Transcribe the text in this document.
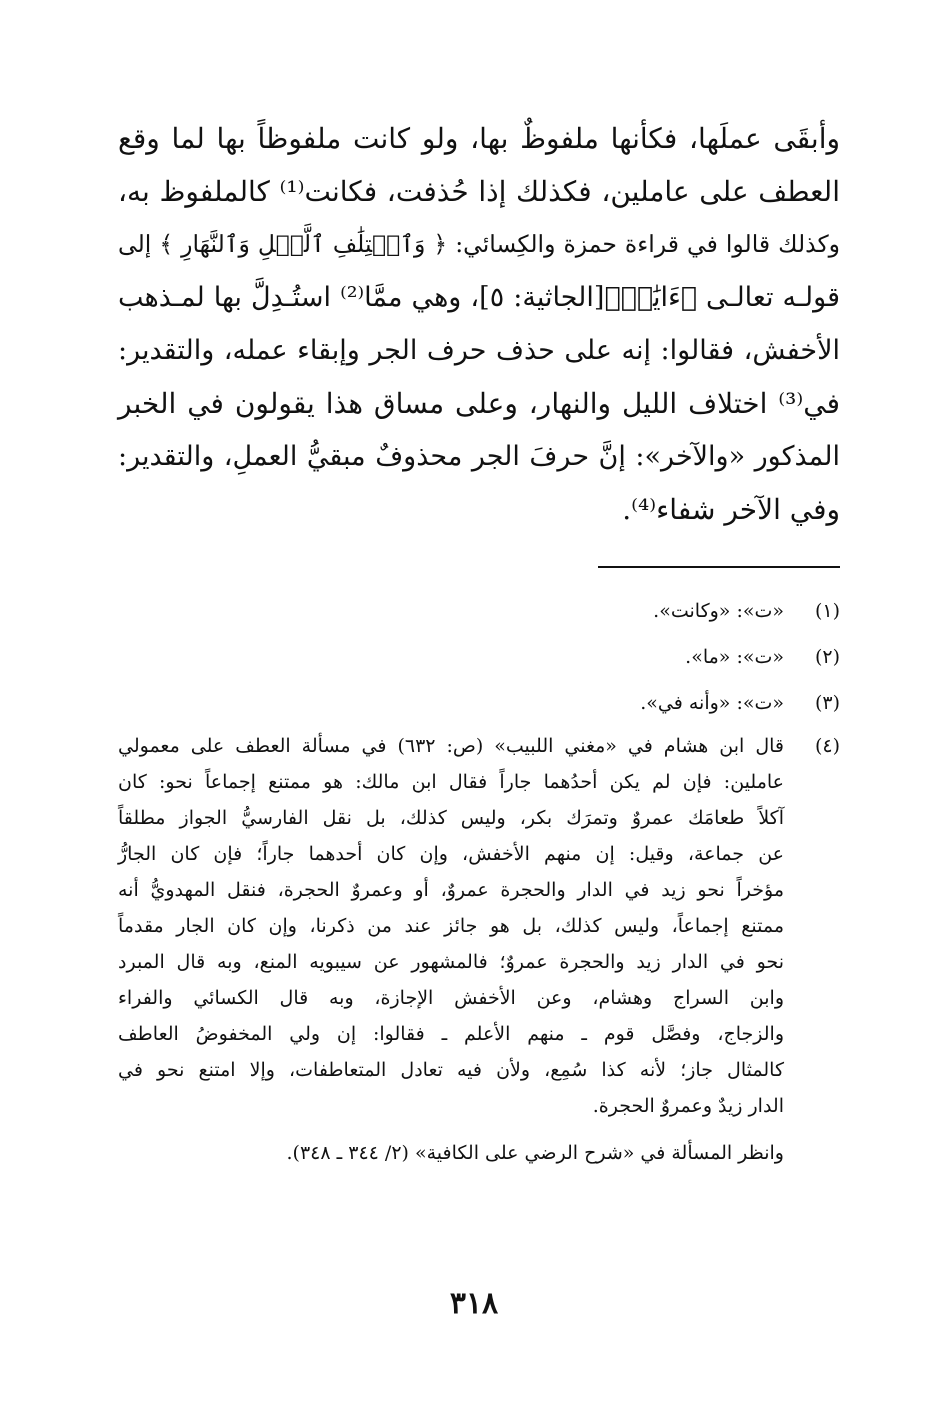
وأبقَى عملَها، فكأنها ملفوظٌ بها، ولو كانت ملفوظاً بها لما وقع
العطف على عاملين، فكذلك إذا حُذفت، فكانت⁽¹⁾ كالملفوظ به،
وكذلك قالوا في قراءة حمزة والكِسائي: ﴿ وَٱخۡتِلَٰفِ ٱلَّيۡلِ وَٱلنَّهَارِ ﴾ إلى
قولـه تعالـى ﴿ءَايَٰتٞ﴾[الجاثية: ٥]، وهي ممَّا⁽²⁾ استُـدِلَّ بها لمـذهب
الأخفش، فقالوا: إنه على حذف حرف الجر وإبقاء عمله، والتقدير:
في⁽³⁾ اختلاف الليل والنهار، وعلى مساق هذا يقولون في الخبر
المذكور «والآخر»: إنَّ حرفَ الجر محذوفٌ مبقيُّ العملِ، والتقدير:
وفي الآخر شفاء⁽⁴⁾.
(١)
«ت»: «وكانت».
(٢)
«ت»: «ما».
(٣)
«ت»: «وأنه في».
(٤)
قال ابن هشام في «مغني اللبيب» (ص: ٦٣٢) في مسألة العطف على معمولي
عاملين: فإن لم يكن أحدُهما جاراً فقال ابن مالك: هو ممتنع إجماعاً نحو: كان
آكلاً طعامَك عمروٌ وتمرَك بكر، وليس كذلك، بل نقل الفارسيُّ الجواز مطلقاً
عن جماعة، وقيل: إن منهم الأخفش، وإن كان أحدهما جاراً؛ فإن كان الجارُّ
مؤخراً نحو زيد في الدار والحجرة عمروٌ، أو وعمروٌ الحجرة، فنقل المهدويُّ أنه
ممتنع إجماعاً، وليس كذلك، بل هو جائز عند من ذكرنا، وإن كان الجار مقدماً
نحو في الدار زيد والحجرة عمروٌ؛ فالمشهور عن سيبويه المنع، وبه قال المبرد
وابن السراج وهشام، وعن الأخفش الإجازة، وبه قال الكسائي والفراء
والزجاج، وفصَّل قوم ـ منهم الأعلم ـ فقالوا: إن ولي المخفوضُ العاطف
كالمثال جاز؛ لأنه كذا سُمِع، ولأن فيه تعادل المتعاطفات، وإلا امتنع نحو في
الدار زيدٌ وعمروٌ الحجرة.
وانظر المسألة في «شرح الرضي على الكافية» (٢/ ٣٤٤ ـ ٣٤٨).
٣١٨
